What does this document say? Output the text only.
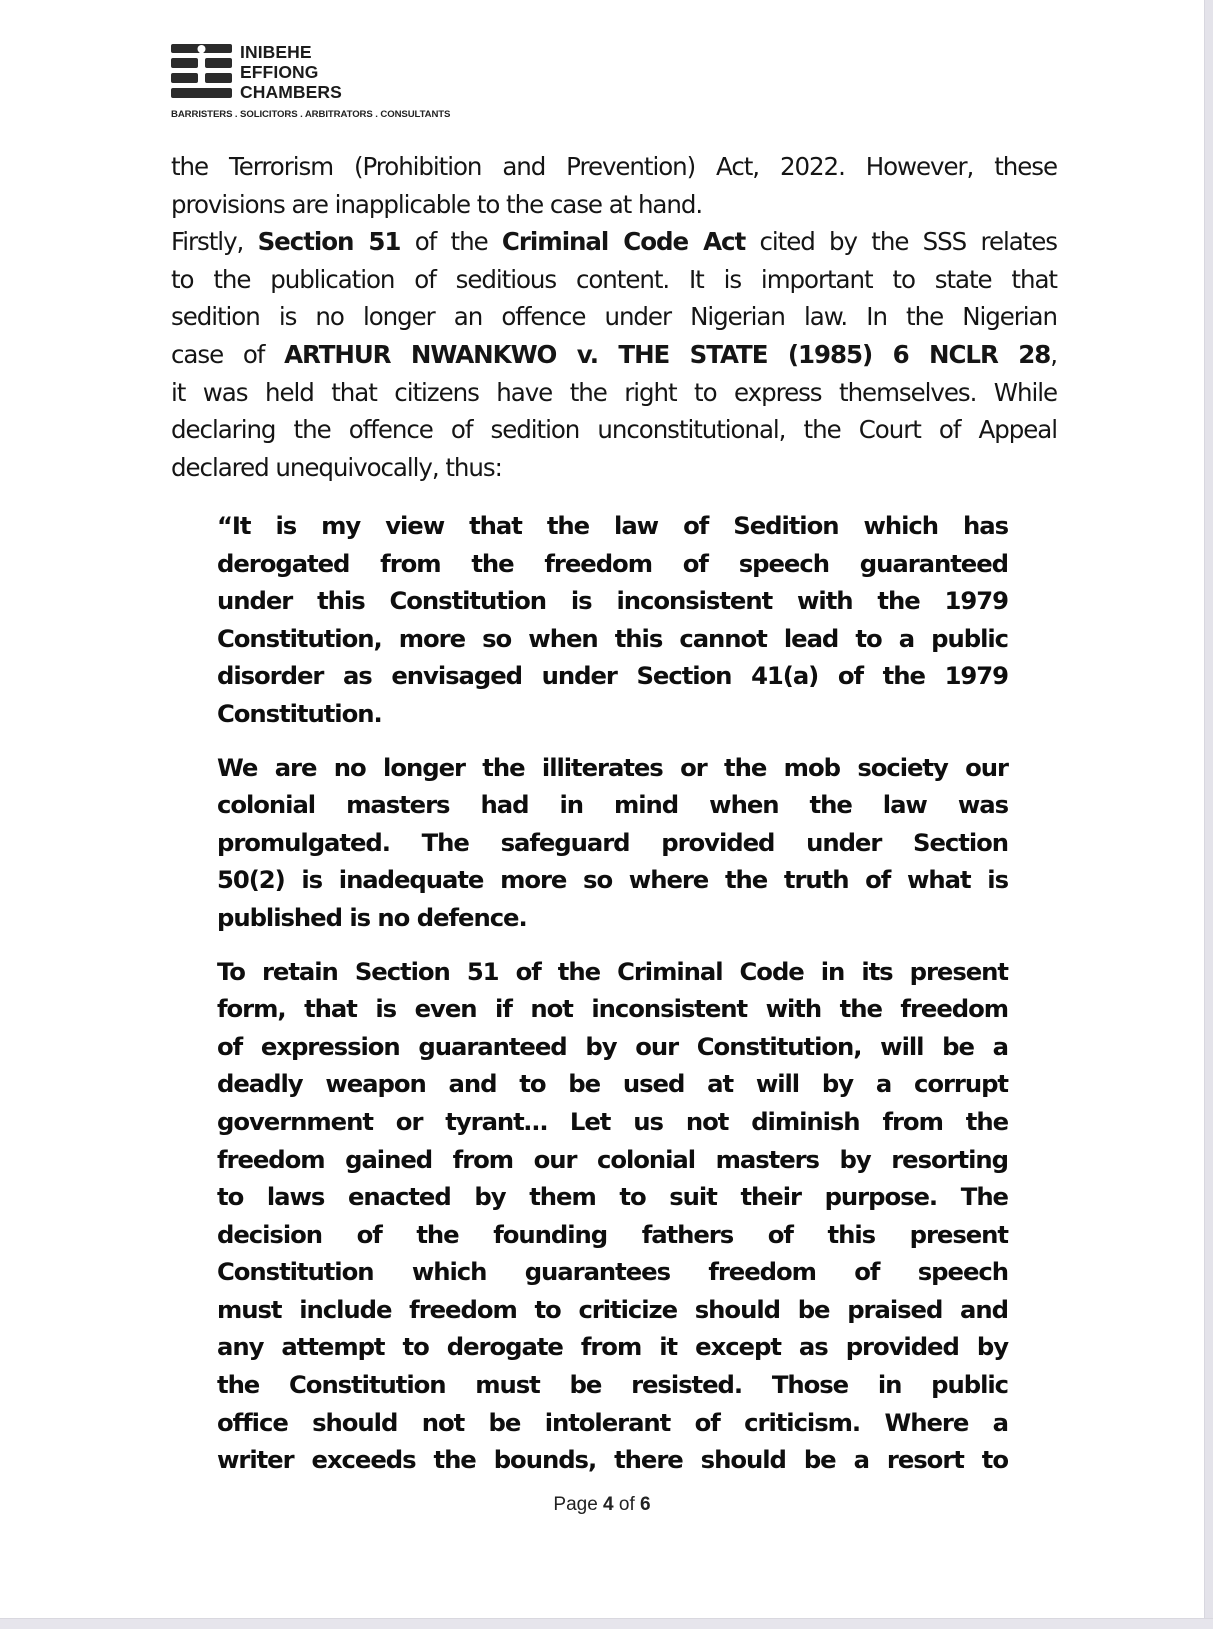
INIBEHE
EFFIONG
CHAMBERS
BARRISTERS . SOLICITORS . ARBITRATORS . CONSULTANTS
the Terrorism (Prohibition and Prevention) Act, 2022. However, these
provisions are inapplicable to the case at hand.
Firstly, Section 51 of the Criminal Code Act cited by the SSS relates
to the publication of seditious content. It is important to state that
sedition is no longer an offence under Nigerian law. In the Nigerian
case of ARTHUR NWANKWO v. THE STATE (1985) 6 NCLR 28,
it was held that citizens have the right to express themselves. While
declaring the offence of sedition unconstitutional, the Court of Appeal
declared unequivocally, thus:
“It is my view that the law of Sedition which has
derogated from the freedom of speech guaranteed
under this Constitution is inconsistent with the 1979
Constitution, more so when this cannot lead to a public
disorder as envisaged under Section 41(a) of the 1979
Constitution.
We are no longer the illiterates or the mob society our
colonial masters had in mind when the law was
promulgated. The safeguard provided under Section
50(2) is inadequate more so where the truth of what is
published is no defence.
To retain Section 51 of the Criminal Code in its present
form, that is even if not inconsistent with the freedom
of expression guaranteed by our Constitution, will be a
deadly weapon and to be used at will by a corrupt
government or tyrant… Let us not diminish from the
freedom gained from our colonial masters by resorting
to laws enacted by them to suit their purpose. The
decision of the founding fathers of this present
Constitution which guarantees freedom of speech
must include freedom to criticize should be praised and
any attempt to derogate from it except as provided by
the Constitution must be resisted. Those in public
office should not be intolerant of criticism. Where a
writer exceeds the bounds, there should be a resort to
Page 4 of 6
